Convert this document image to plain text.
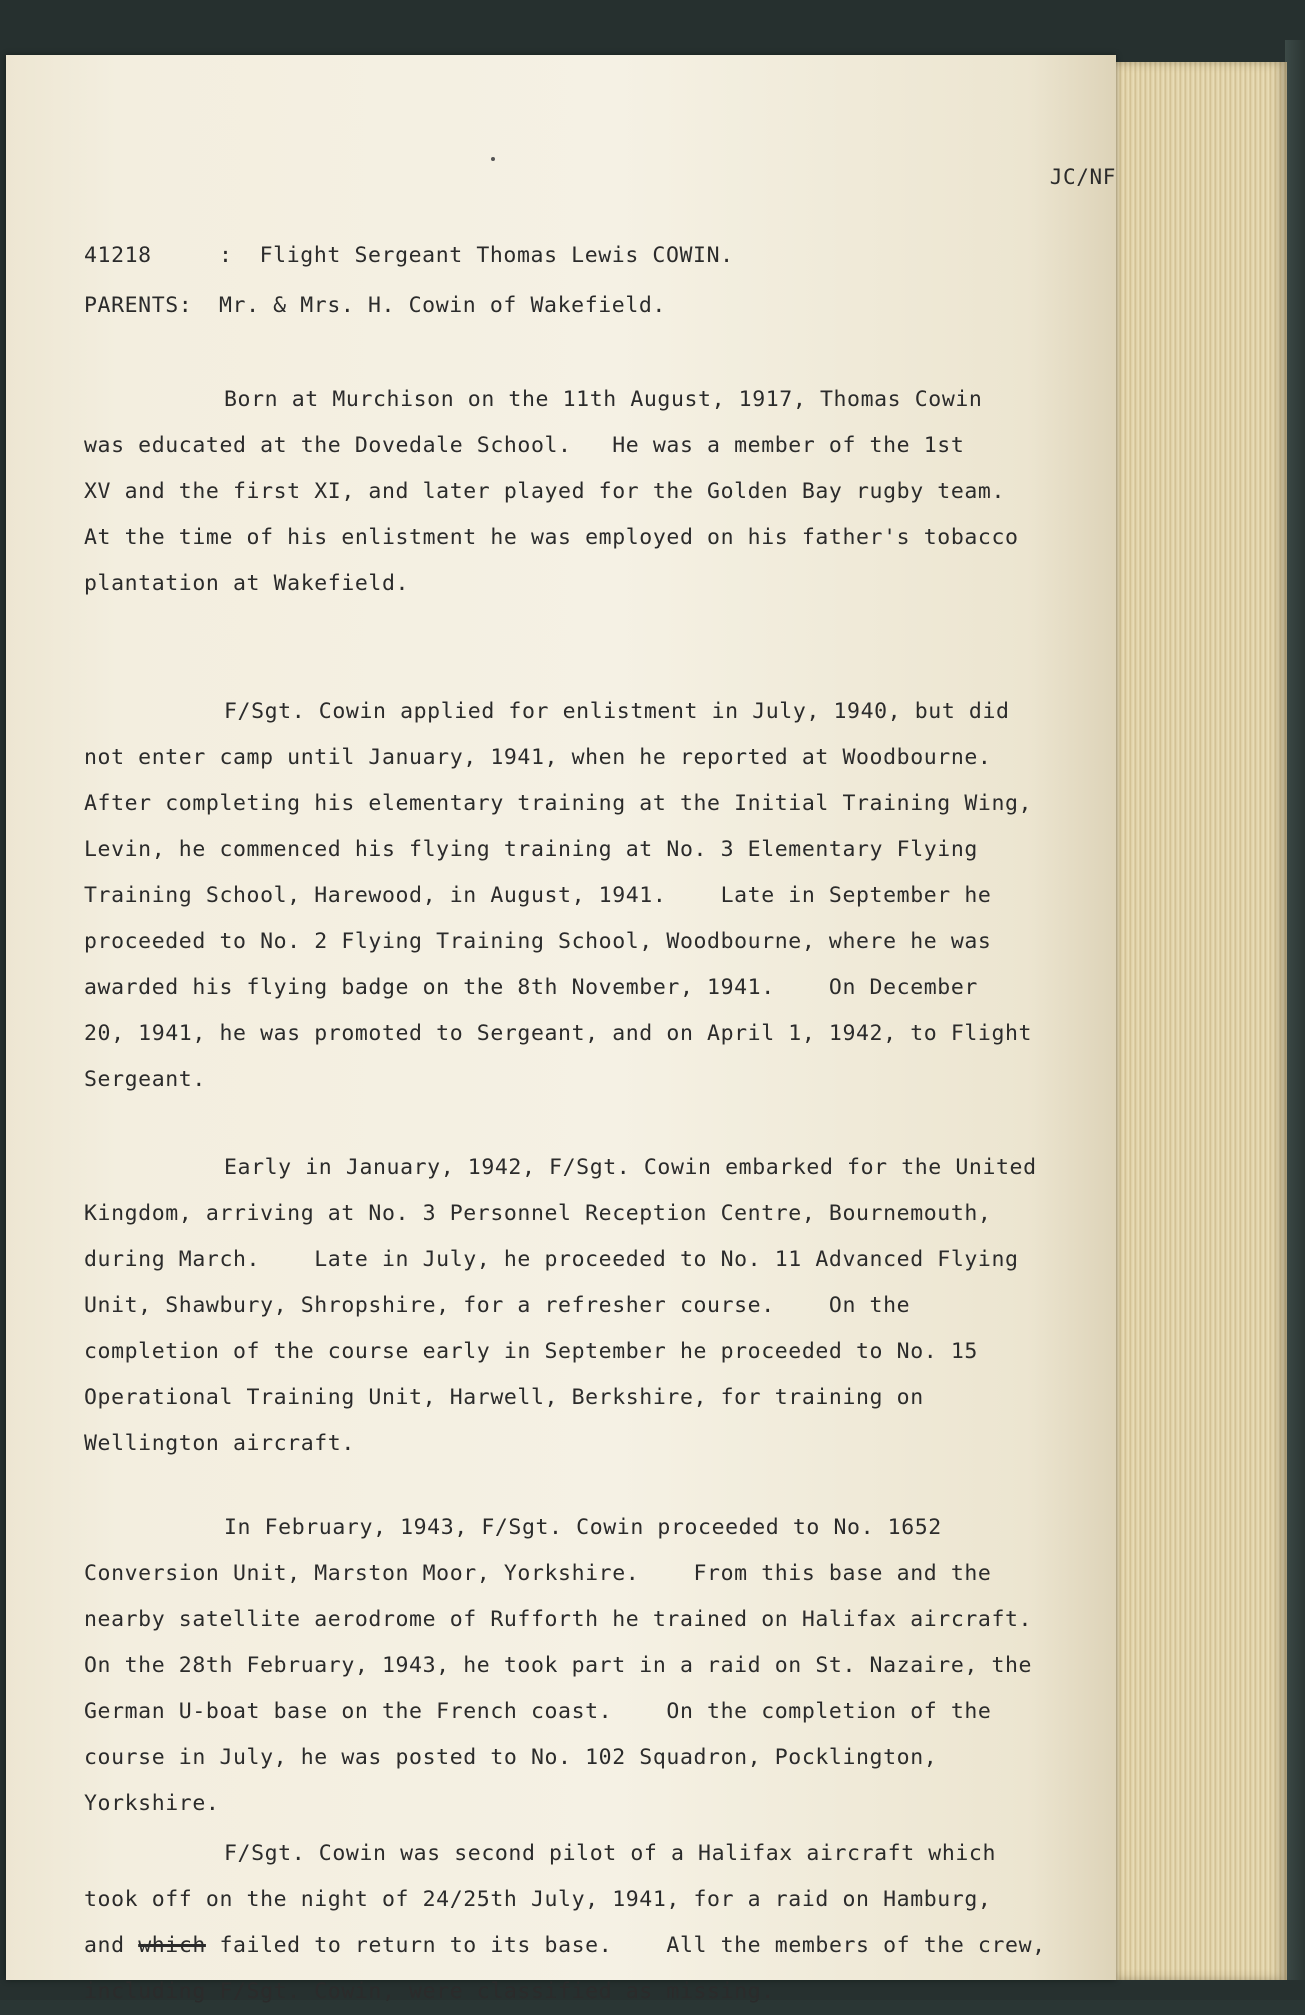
JC/NF
41218	: Flight Sergeant Thomas Lewis COWIN.
PARENTS: Mr. & Mrs. H. Cowin of Wakefield.
Born at Murchison on the 11th August, 1917, Thomas Cowin
was educated at the Dovedale School.   He was a member of the 1st
XV and the first XI, and later played for the Golden Bay rugby team.
At the time of his enlistment he was employed on his father's tobacco
plantation at Wakefield.
F/Sgt. Cowin applied for enlistment in July, 1940, but did
not enter camp until January, 1941, when he reported at Woodbourne.
After completing his elementary training at the Initial Training Wing,
Levin, he commenced his flying training at No. 3 Elementary Flying
Training School, Harewood, in August, 1941.    Late in September he
proceeded to No. 2 Flying Training School, Woodbourne, where he was
awarded his flying badge on the 8th November, 1941.    On December
20, 1941, he was promoted to Sergeant, and on April 1, 1942, to Flight
Sergeant.
Early in January, 1942, F/Sgt. Cowin embarked for the United
Kingdom, arriving at No. 3 Personnel Reception Centre, Bournemouth,
during March.    Late in July, he proceeded to No. 11 Advanced Flying
Unit, Shawbury, Shropshire, for a refresher course.    On the
completion of the course early in September he proceeded to No. 15
Operational Training Unit, Harwell, Berkshire, for training on
Wellington aircraft.
In February, 1943, F/Sgt. Cowin proceeded to No. 1652
Conversion Unit, Marston Moor, Yorkshire.    From this base and the
nearby satellite aerodrome of Rufforth he trained on Halifax aircraft.
On the 28th February, 1943, he took part in a raid on St. Nazaire, the
German U-boat base on the French coast.    On the completion of the
course in July, he was posted to No. 102 Squadron, Pocklington,
Yorkshire.
F/Sgt. Cowin was second pilot of a Halifax aircraft which
took off on the night of 24/25th July, 1941, for a raid on Hamburg,
and which failed to return to its base.    All the members of the crew,
including F/Sgt. Cowin, were classified as missing.
